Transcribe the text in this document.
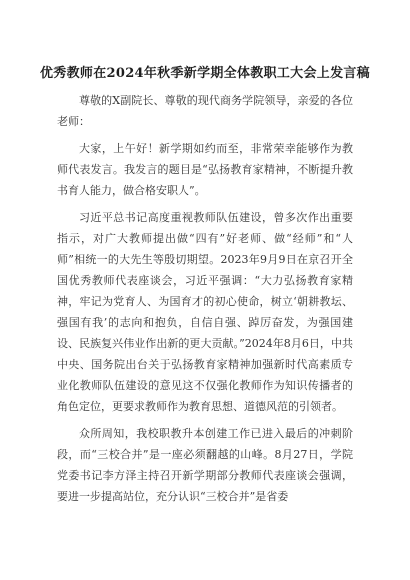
优秀教师在2024年秋季新学期全体教职工大会上发言稿

尊敬的X副院长、尊敬的现代商务学院领导，亲爱的各位老师：

大家，上午好！新学期如约而至，非常荣幸能够作为教师代表发言。我发言的题目是“弘扬教育家精神，不断提升教书育人能力，做合格安职人”。

习近平总书记高度重视教师队伍建设，曾多次作出重要指示，对广大教师提出做“四有”好老师、做“经师”和“人师”相统一的大先生等殷切期望。2023年9月9日在京召开全国优秀教师代表座谈会，习近平强调：“大力弘扬教育家精神，牢记为党育人、为国育才的初心使命，树立‘朝耕教坛、强国有我’的志向和抱负，自信自强、踔厉奋发，为强国建设、民族复兴伟业作出新的更大贡献。”2024年8月6日，中共中央、国务院出台关于弘扬教育家精神加强新时代高素质专业化教师队伍建设的意见这不仅强化教师作为知识传播者的角色定位，更要求教师作为教育思想、道德风范的引领者。

众所周知，我校职教升本创建工作已进入最后的冲刺阶段，而“三校合并”是一座必须翻越的山峰。8月27日，学院党委书记李方泽主持召开新学期部分教师代表座谈会强调，要进一步提高站位，充分认识“三校合并”是省委
